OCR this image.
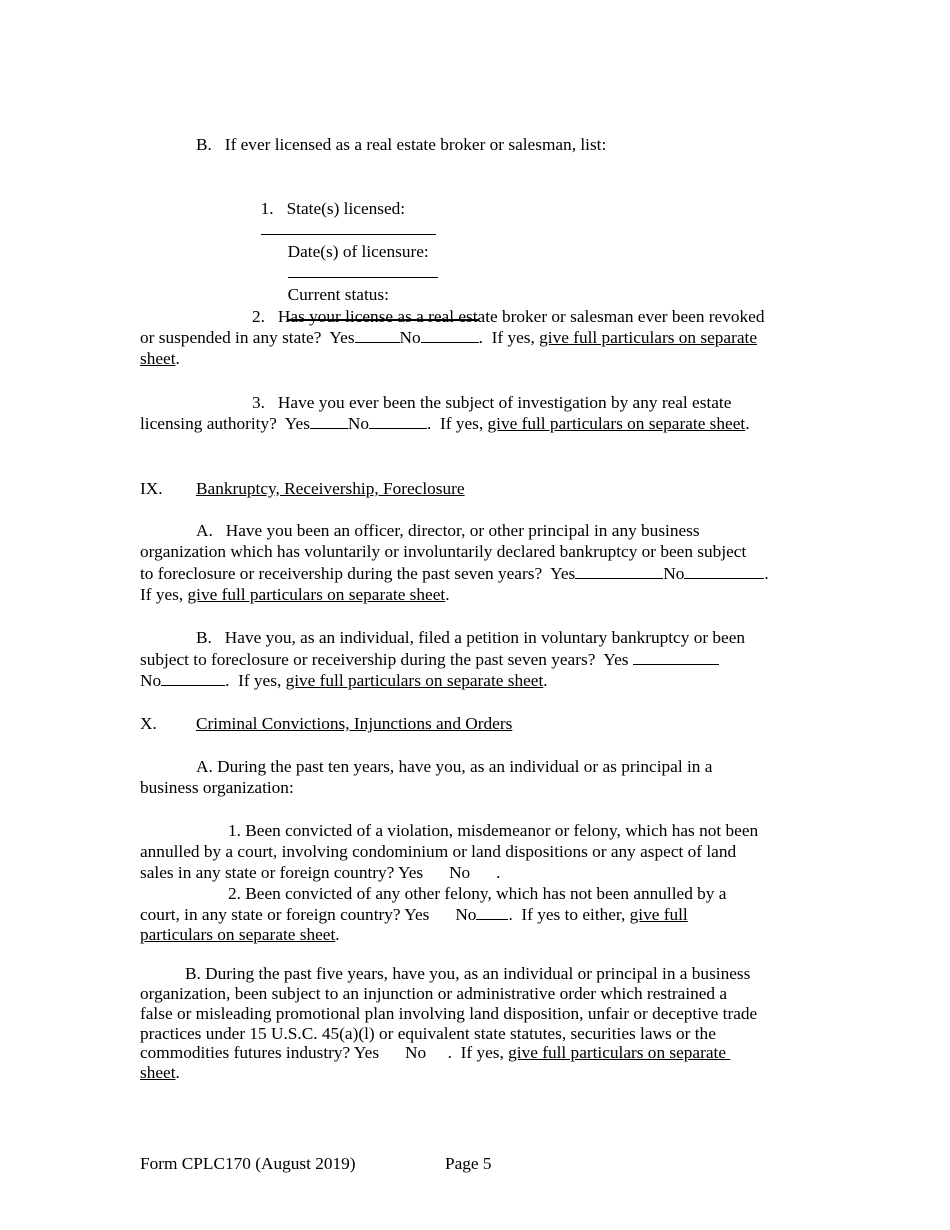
B.   If ever licensed as a real estate broker or salesman, list:

1.   State(s) licensed:

Date(s) of licensure:

Current status:

2.   Has your license as a real estate broker or salesman ever been revoked
or suspended in any state?  Yes	No	.  If yes, give full particulars on separate
sheet.
3.   Have you ever been the subject of investigation by any real estate
licensing authority?  Yes No	.  If yes, give full particulars on separate sheet.
IX. Bankruptcy, Receivership, Foreclosure
A.   Have you been an officer, director, or other principal in any business
organization which has voluntarily or involuntarily declared bankruptcy or been subject
to foreclosure or receivership during the past seven years?  Yes	No	.
If yes, give full particulars on separate sheet.
B.   Have you, as an individual, filed a petition in voluntary bankruptcy or been
subject to foreclosure or receivership during the past seven years?  Yes
No	.  If yes, give full particulars on separate sheet.
X. Criminal Convictions, Injunctions and Orders
A. During the past ten years, have you, as an individual or as principal in a
business organization:
1. Been convicted of a violation, misdemeanor or felony, which has not been
annulled by a court, involving condominium or land dispositions or any aspect of land
sales in any state or foreign country? Yes      No      .
2. Been convicted of any other felony, which has not been annulled by a
court, in any state or foreign country? Yes      No .  If yes to either, give full
particulars on separate sheet.
B. During the past five years, have you, as an individual or principal in a business
organization, been subject to an injunction or administrative order which restrained a
false or misleading promotional plan involving land disposition, unfair or deceptive trade
practices under 15 U.S.C. 45(a)(l) or equivalent state statutes, securities laws or the
commodities futures industry? Yes      No     .  If yes, give full particulars on separate
sheet.
Form CPLC170 (August 2019)	Page 5
